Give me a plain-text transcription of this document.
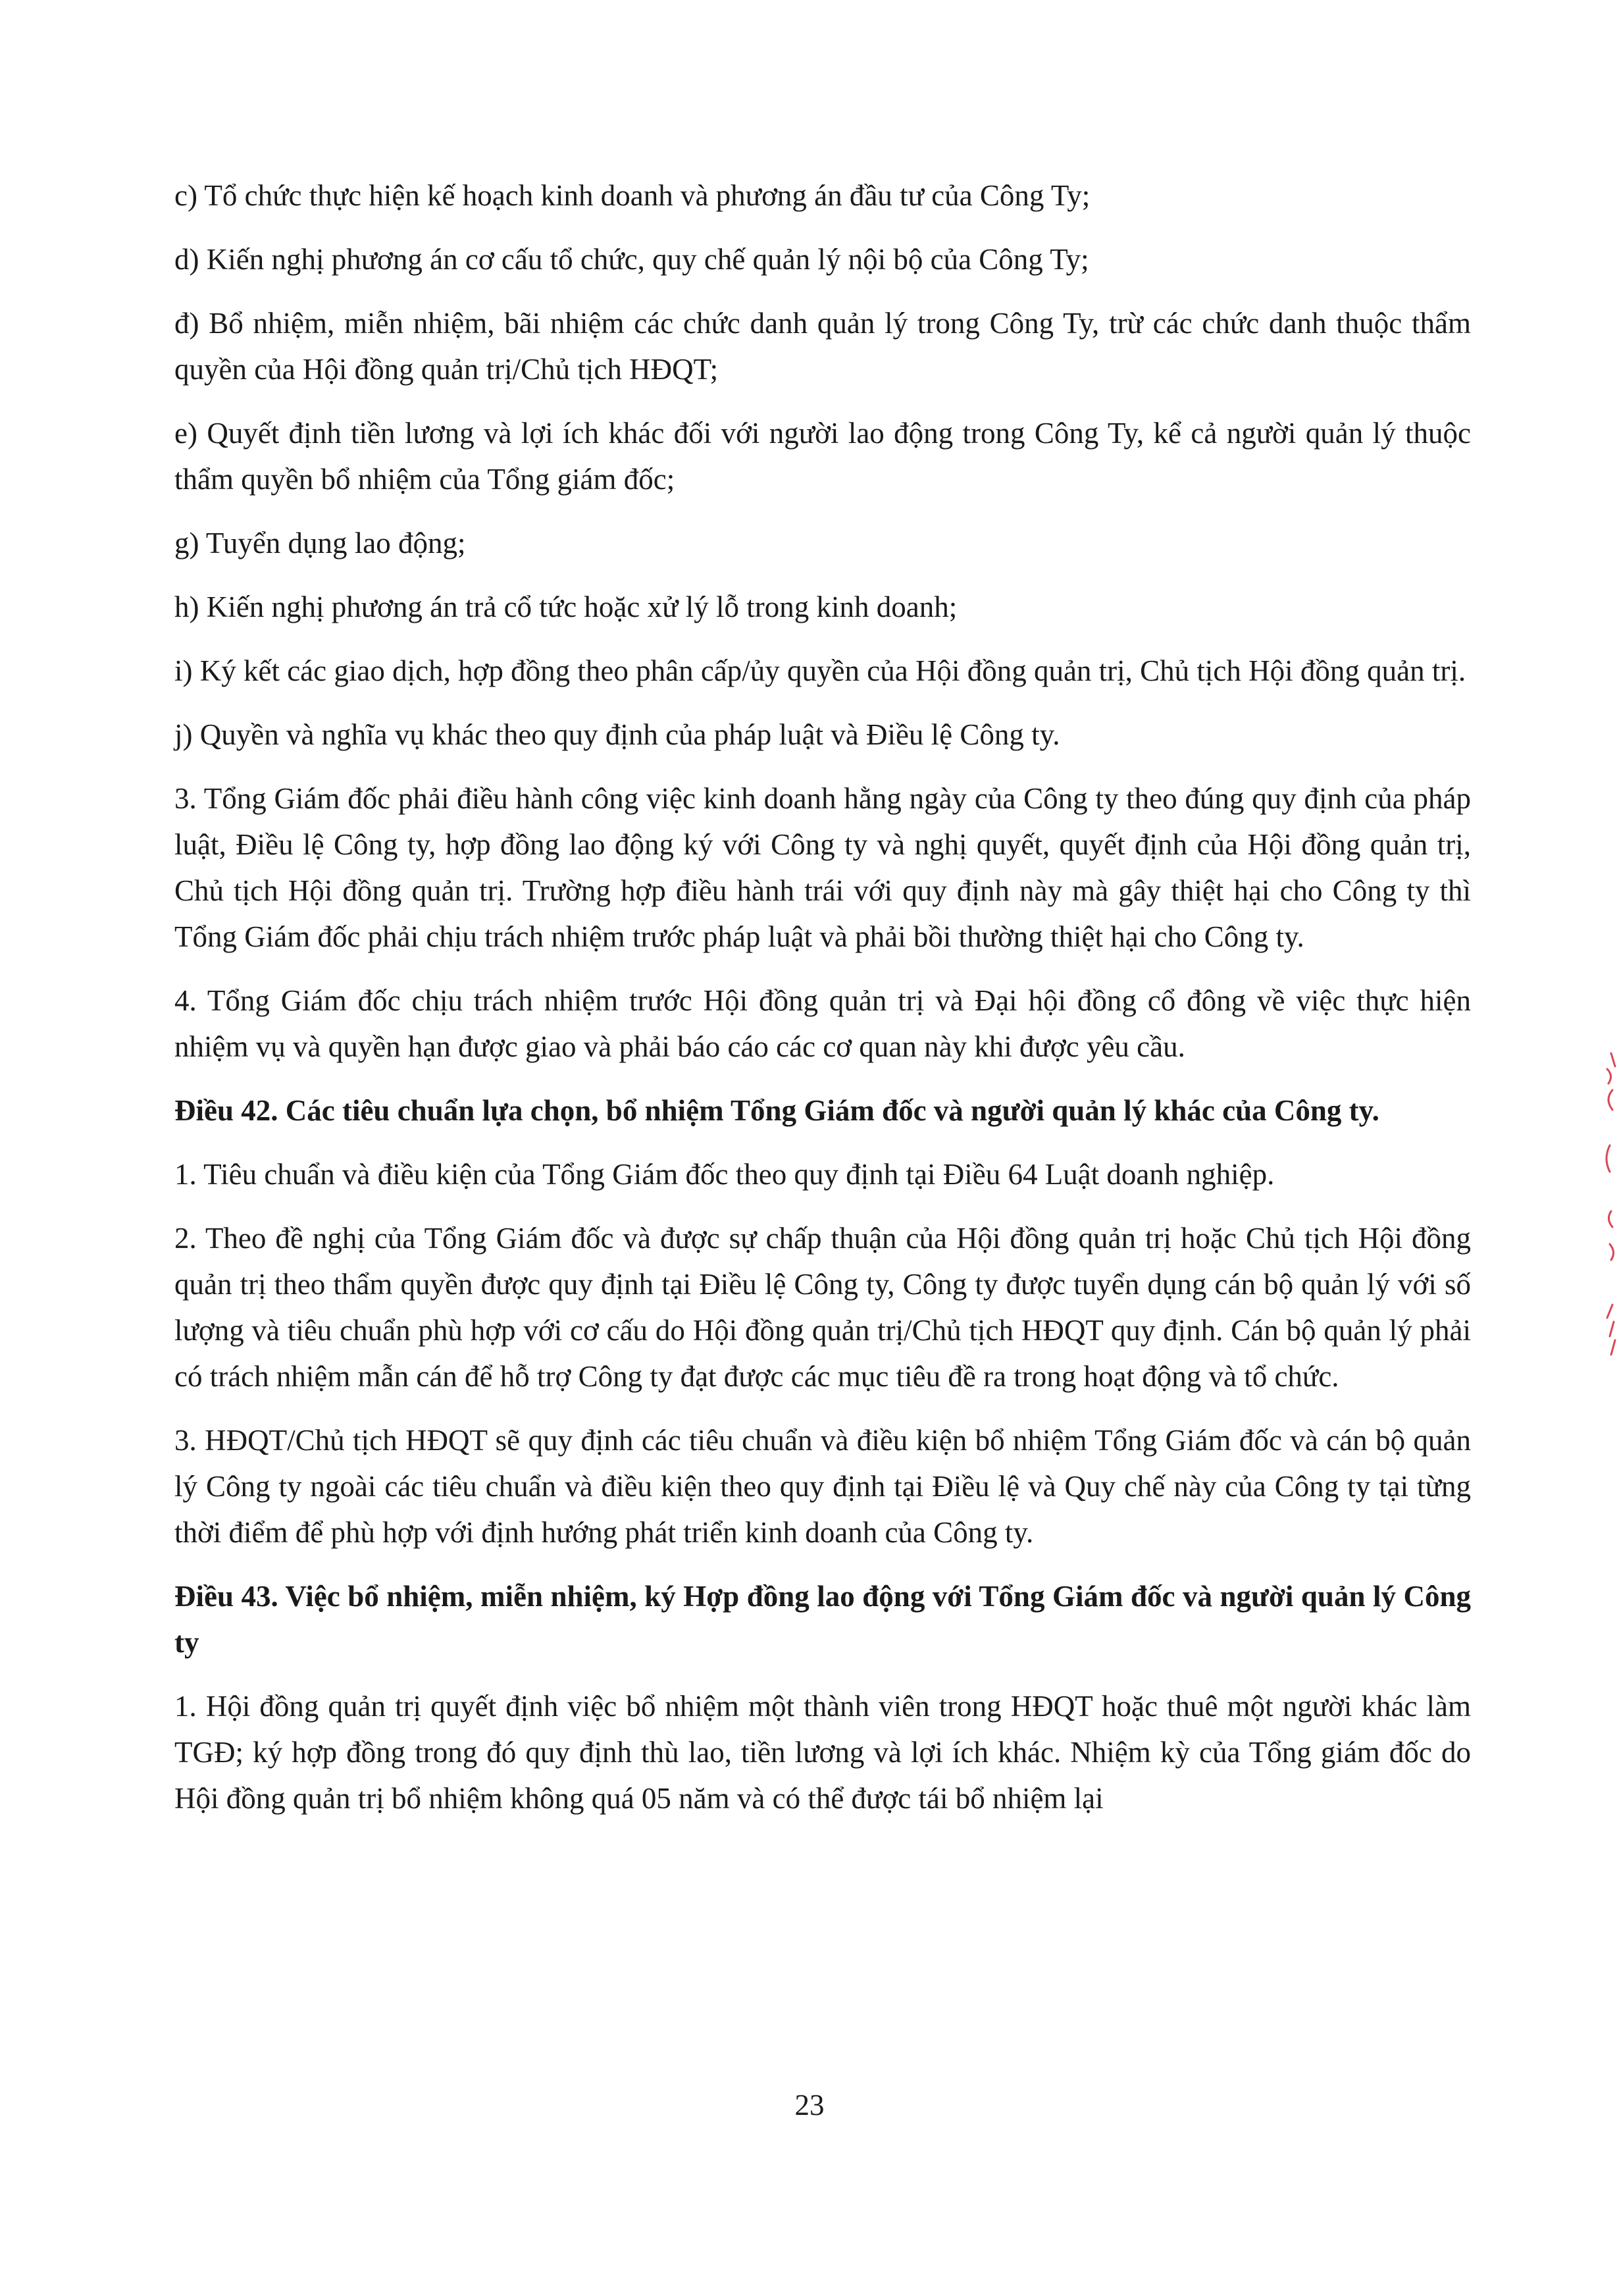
c) Tổ chức thực hiện kế hoạch kinh doanh và phương án đầu tư của Công Ty;

d) Kiến nghị phương án cơ cấu tổ chức, quy chế quản lý nội bộ của Công Ty;

đ) Bổ nhiệm, miễn nhiệm, bãi nhiệm các chức danh quản lý trong Công Ty, trừ các chức danh thuộc thẩm quyền của Hội đồng quản trị/Chủ tịch HĐQT;

e) Quyết định tiền lương và lợi ích khác đối với người lao động trong Công Ty, kể cả người quản lý thuộc thẩm quyền bổ nhiệm của Tổng giám đốc;

g) Tuyển dụng lao động;

h) Kiến nghị phương án trả cổ tức hoặc xử lý lỗ trong kinh doanh;

i) Ký kết các giao dịch, hợp đồng theo phân cấp/ủy quyền của Hội đồng quản trị, Chủ tịch Hội đồng quản trị.

j) Quyền và nghĩa vụ khác theo quy định của pháp luật và Điều lệ Công ty.

3. Tổng Giám đốc phải điều hành công việc kinh doanh hằng ngày của Công ty theo đúng quy định của pháp luật, Điều lệ Công ty, hợp đồng lao động ký với Công ty và nghị quyết, quyết định của Hội đồng quản trị, Chủ tịch Hội đồng quản trị. Trường hợp điều hành trái với quy định này mà gây thiệt hại cho Công ty thì Tổng Giám đốc phải chịu trách nhiệm trước pháp luật và phải bồi thường thiệt hại cho Công ty.

4. Tổng Giám đốc chịu trách nhiệm trước Hội đồng quản trị và Đại hội đồng cổ đông về việc thực hiện nhiệm vụ và quyền hạn được giao và phải báo cáo các cơ quan này khi được yêu cầu.

Điều 42. Các tiêu chuẩn lựa chọn, bổ nhiệm Tổng Giám đốc và người quản lý khác của Công ty.

1. Tiêu chuẩn và điều kiện của Tổng Giám đốc theo quy định tại Điều 64 Luật doanh nghiệp.

2. Theo đề nghị của Tổng Giám đốc và được sự chấp thuận của Hội đồng quản trị hoặc Chủ tịch Hội đồng quản trị theo thẩm quyền được quy định tại Điều lệ Công ty, Công ty được tuyển dụng cán bộ quản lý với số lượng và tiêu chuẩn phù hợp với cơ cấu do Hội đồng quản trị/Chủ tịch HĐQT quy định. Cán bộ quản lý phải có trách nhiệm mẫn cán để hỗ trợ Công ty đạt được các mục tiêu đề ra trong hoạt động và tổ chức.

3. HĐQT/Chủ tịch HĐQT sẽ quy định các tiêu chuẩn và điều kiện bổ nhiệm Tổng Giám đốc và cán bộ quản lý Công ty ngoài các tiêu chuẩn và điều kiện theo quy định tại Điều lệ và Quy chế này của Công ty tại từng thời điểm để phù hợp với định hướng phát triển kinh doanh của Công ty.

Điều 43. Việc bổ nhiệm, miễn nhiệm, ký Hợp đồng lao động với Tổng Giám đốc và người quản lý Công ty

1. Hội đồng quản trị quyết định việc bổ nhiệm một thành viên trong HĐQT hoặc thuê một người khác làm TGĐ; ký hợp đồng trong đó quy định thù lao, tiền lương và lợi ích khác. Nhiệm kỳ của Tổng giám đốc do Hội đồng quản trị bổ nhiệm không quá 05 năm và có thể được tái bổ nhiệm lại

23
